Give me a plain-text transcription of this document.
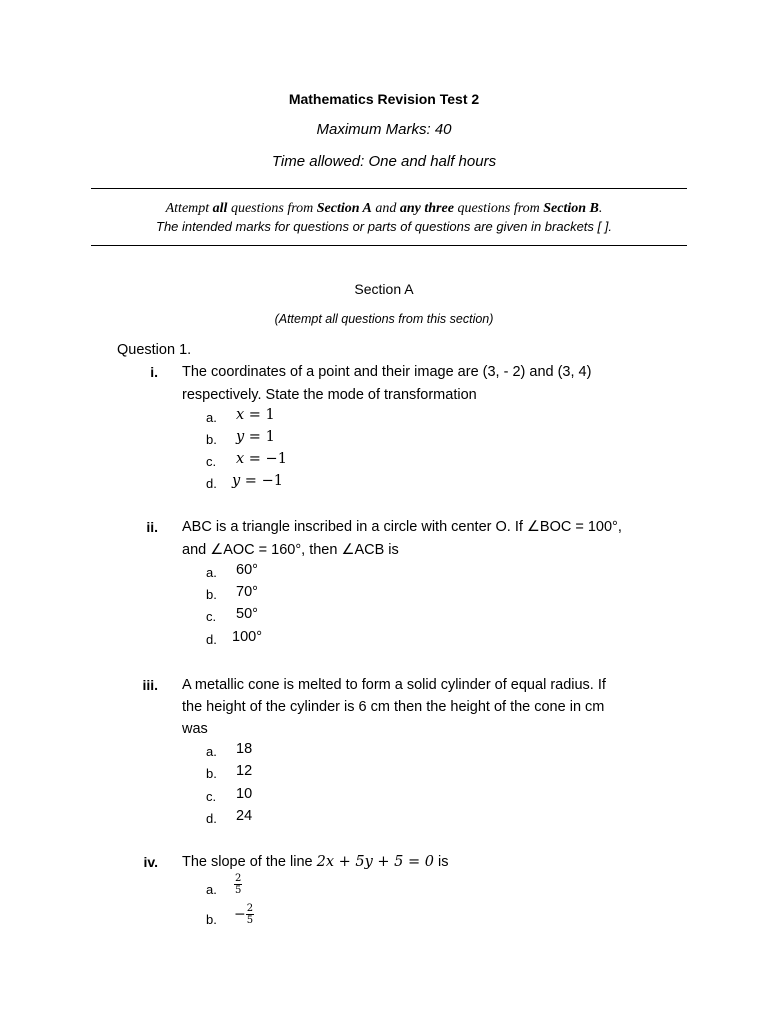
Mathematics Revision Test 2
Maximum Marks: 40
Time allowed: One and half hours
Attempt all questions from Section A and any three questions from Section B.
The intended marks for questions or parts of questions are given in brackets [ ].
Section A
(Attempt all questions from this section)
Question 1.
i. The coordinates of a point and their image are (3, - 2) and (3, 4)
respectively. State the mode of transformation
a. x = 1
b. y = 1
c. x = −1
d. y = −1
ii. ABC is a triangle inscribed in a circle with center O. If ∠BOC = 100°,
and ∠AOC = 160°, then ∠ACB is
a. 60°
b. 70°
c. 50°
d. 100°
iii. A metallic cone is melted to form a solid cylinder of equal radius. If
the height of the cylinder is 6 cm then the height of the cone in cm
was
a. 18
b. 12
c. 10
d. 24
iv. The slope of the line 2x + 5y + 5 = 0 is
a. $\frac{2}{5}$
b. − $\frac{2}{5}$
